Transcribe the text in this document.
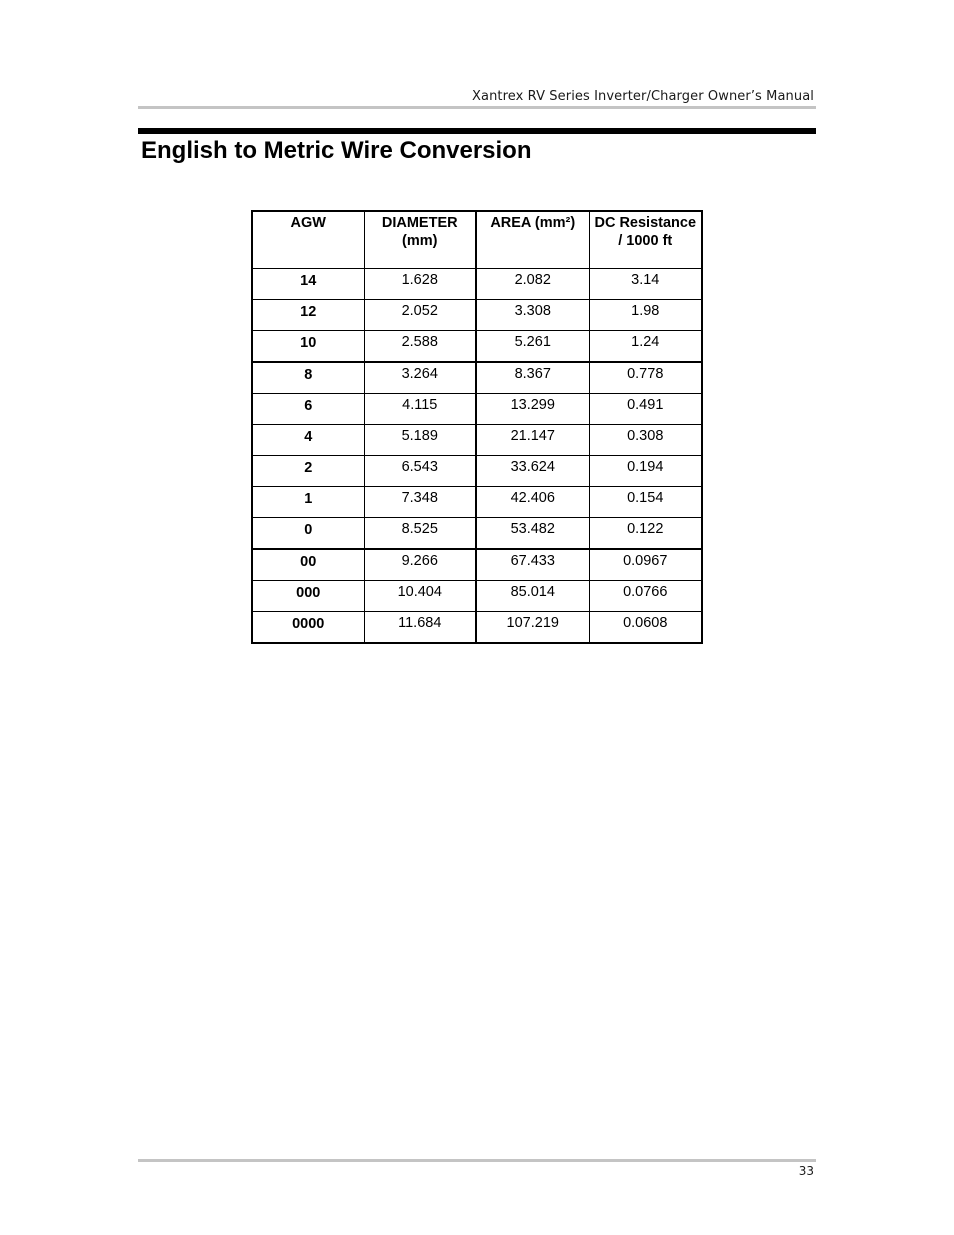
Xantrex RV Series Inverter/Charger Owner’s Manual
English to Metric Wire Conversion
AGW	DIAMETER (mm)	AREA (mm²)	DC Resistance / 1000 ft
14	1.628	2.082	3.14
12	2.052	3.308	1.98
10	2.588	5.261	1.24
8	3.264	8.367	0.778
6	4.115	13.299	0.491
4	5.189	21.147	0.308
2	6.543	33.624	0.194
1	7.348	42.406	0.154
0	8.525	53.482	0.122
00	9.266	67.433	0.0967
000	10.404	85.014	0.0766
0000	11.684	107.219	0.0608
33
